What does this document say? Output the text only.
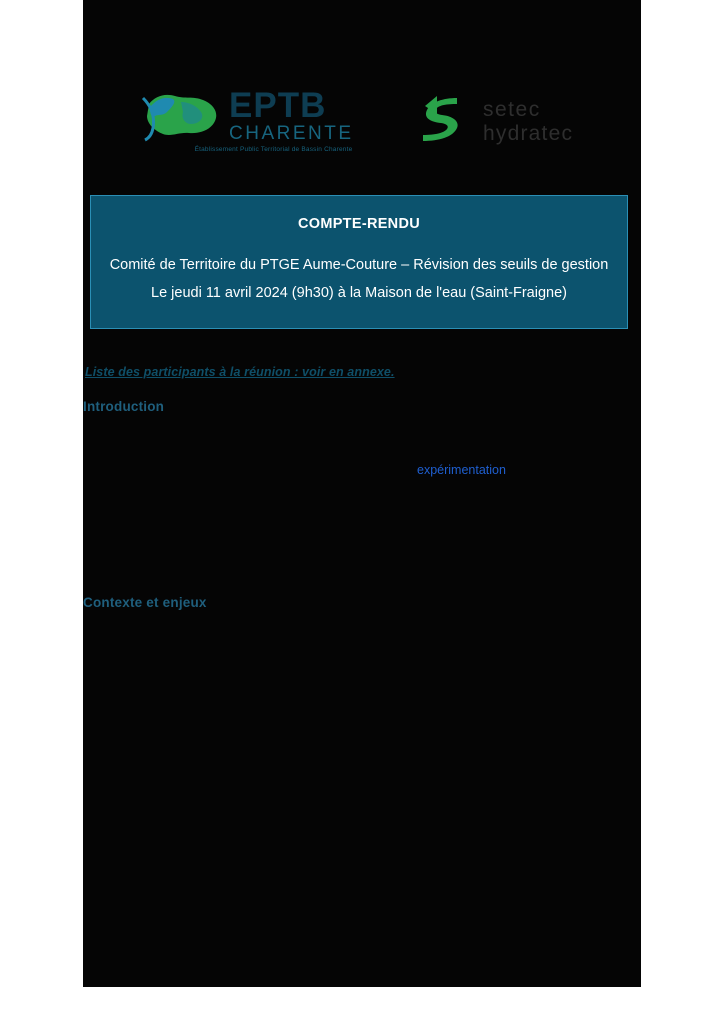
EPTB
CHARENTE
Établissement Public Territorial de Bassin Charente
setec
hydratec
COMPTE-RENDU
Comité de Territoire du PTGE Aume-Couture – Révision des seuils de gestion
Le jeudi 11 avril 2024 (9h30) à la Maison de l'eau (Saint-Fraigne)
Liste des participants à la réunion : voir en annexe.
Introduction
expérimentation
Contexte et enjeux
